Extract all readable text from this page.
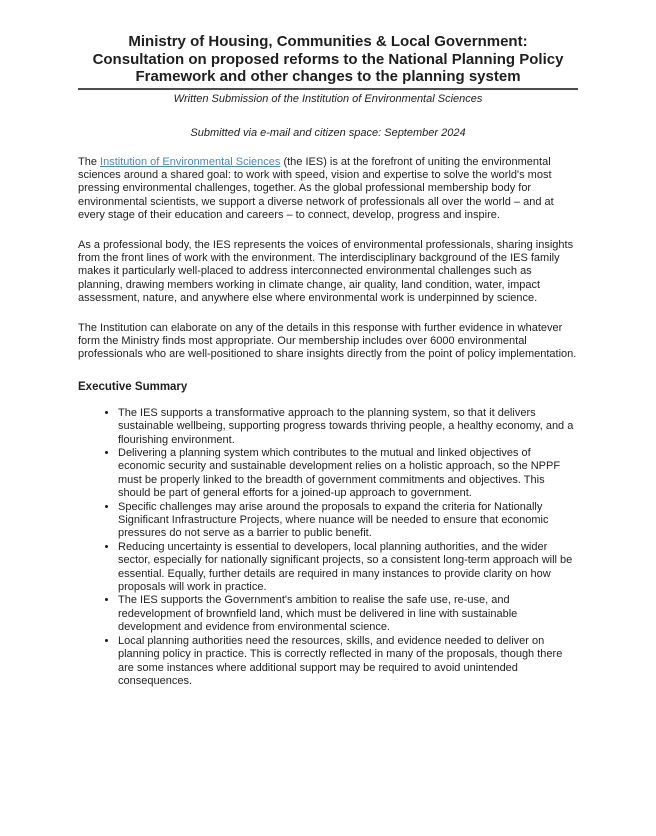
Ministry of Housing, Communities & Local Government:
Consultation on proposed reforms to the National Planning Policy
Framework and other changes to the planning system
Written Submission of the Institution of Environmental Sciences
Submitted via e-mail and citizen space: September 2024

The Institution of Environmental Sciences (the IES) is at the forefront of uniting the environmental sciences around a shared goal: to work with speed, vision and expertise to solve the world's most pressing environmental challenges, together. As the global professional membership body for environmental scientists, we support a diverse network of professionals all over the world – and at every stage of their education and careers – to connect, develop, progress and inspire.

As a professional body, the IES represents the voices of environmental professionals, sharing insights from the front lines of work with the environment. The interdisciplinary background of the IES family makes it particularly well-placed to address interconnected environmental challenges such as planning, drawing members working in climate change, air quality, land condition, water, impact assessment, nature, and anywhere else where environmental work is underpinned by science.

The Institution can elaborate on any of the details in this response with further evidence in whatever form the Ministry finds most appropriate. Our membership includes over 6000 environmental professionals who are well-positioned to share insights directly from the point of policy implementation.

Executive Summary
• The IES supports a transformative approach to the planning system, so that it delivers sustainable wellbeing, supporting progress towards thriving people, a healthy economy, and a flourishing environment.
• Delivering a planning system which contributes to the mutual and linked objectives of economic security and sustainable development relies on a holistic approach, so the NPPF must be properly linked to the breadth of government commitments and objectives. This should be part of general efforts for a joined-up approach to government.
• Specific challenges may arise around the proposals to expand the criteria for Nationally Significant Infrastructure Projects, where nuance will be needed to ensure that economic pressures do not serve as a barrier to public benefit.
• Reducing uncertainty is essential to developers, local planning authorities, and the wider sector, especially for nationally significant projects, so a consistent long-term approach will be essential. Equally, further details are required in many instances to provide clarity on how proposals will work in practice.
• The IES supports the Government's ambition to realise the safe use, re-use, and redevelopment of brownfield land, which must be delivered in line with sustainable development and evidence from environmental science.
• Local planning authorities need the resources, skills, and evidence needed to deliver on planning policy in practice. This is correctly reflected in many of the proposals, though there are some instances where additional support may be required to avoid unintended consequences.
